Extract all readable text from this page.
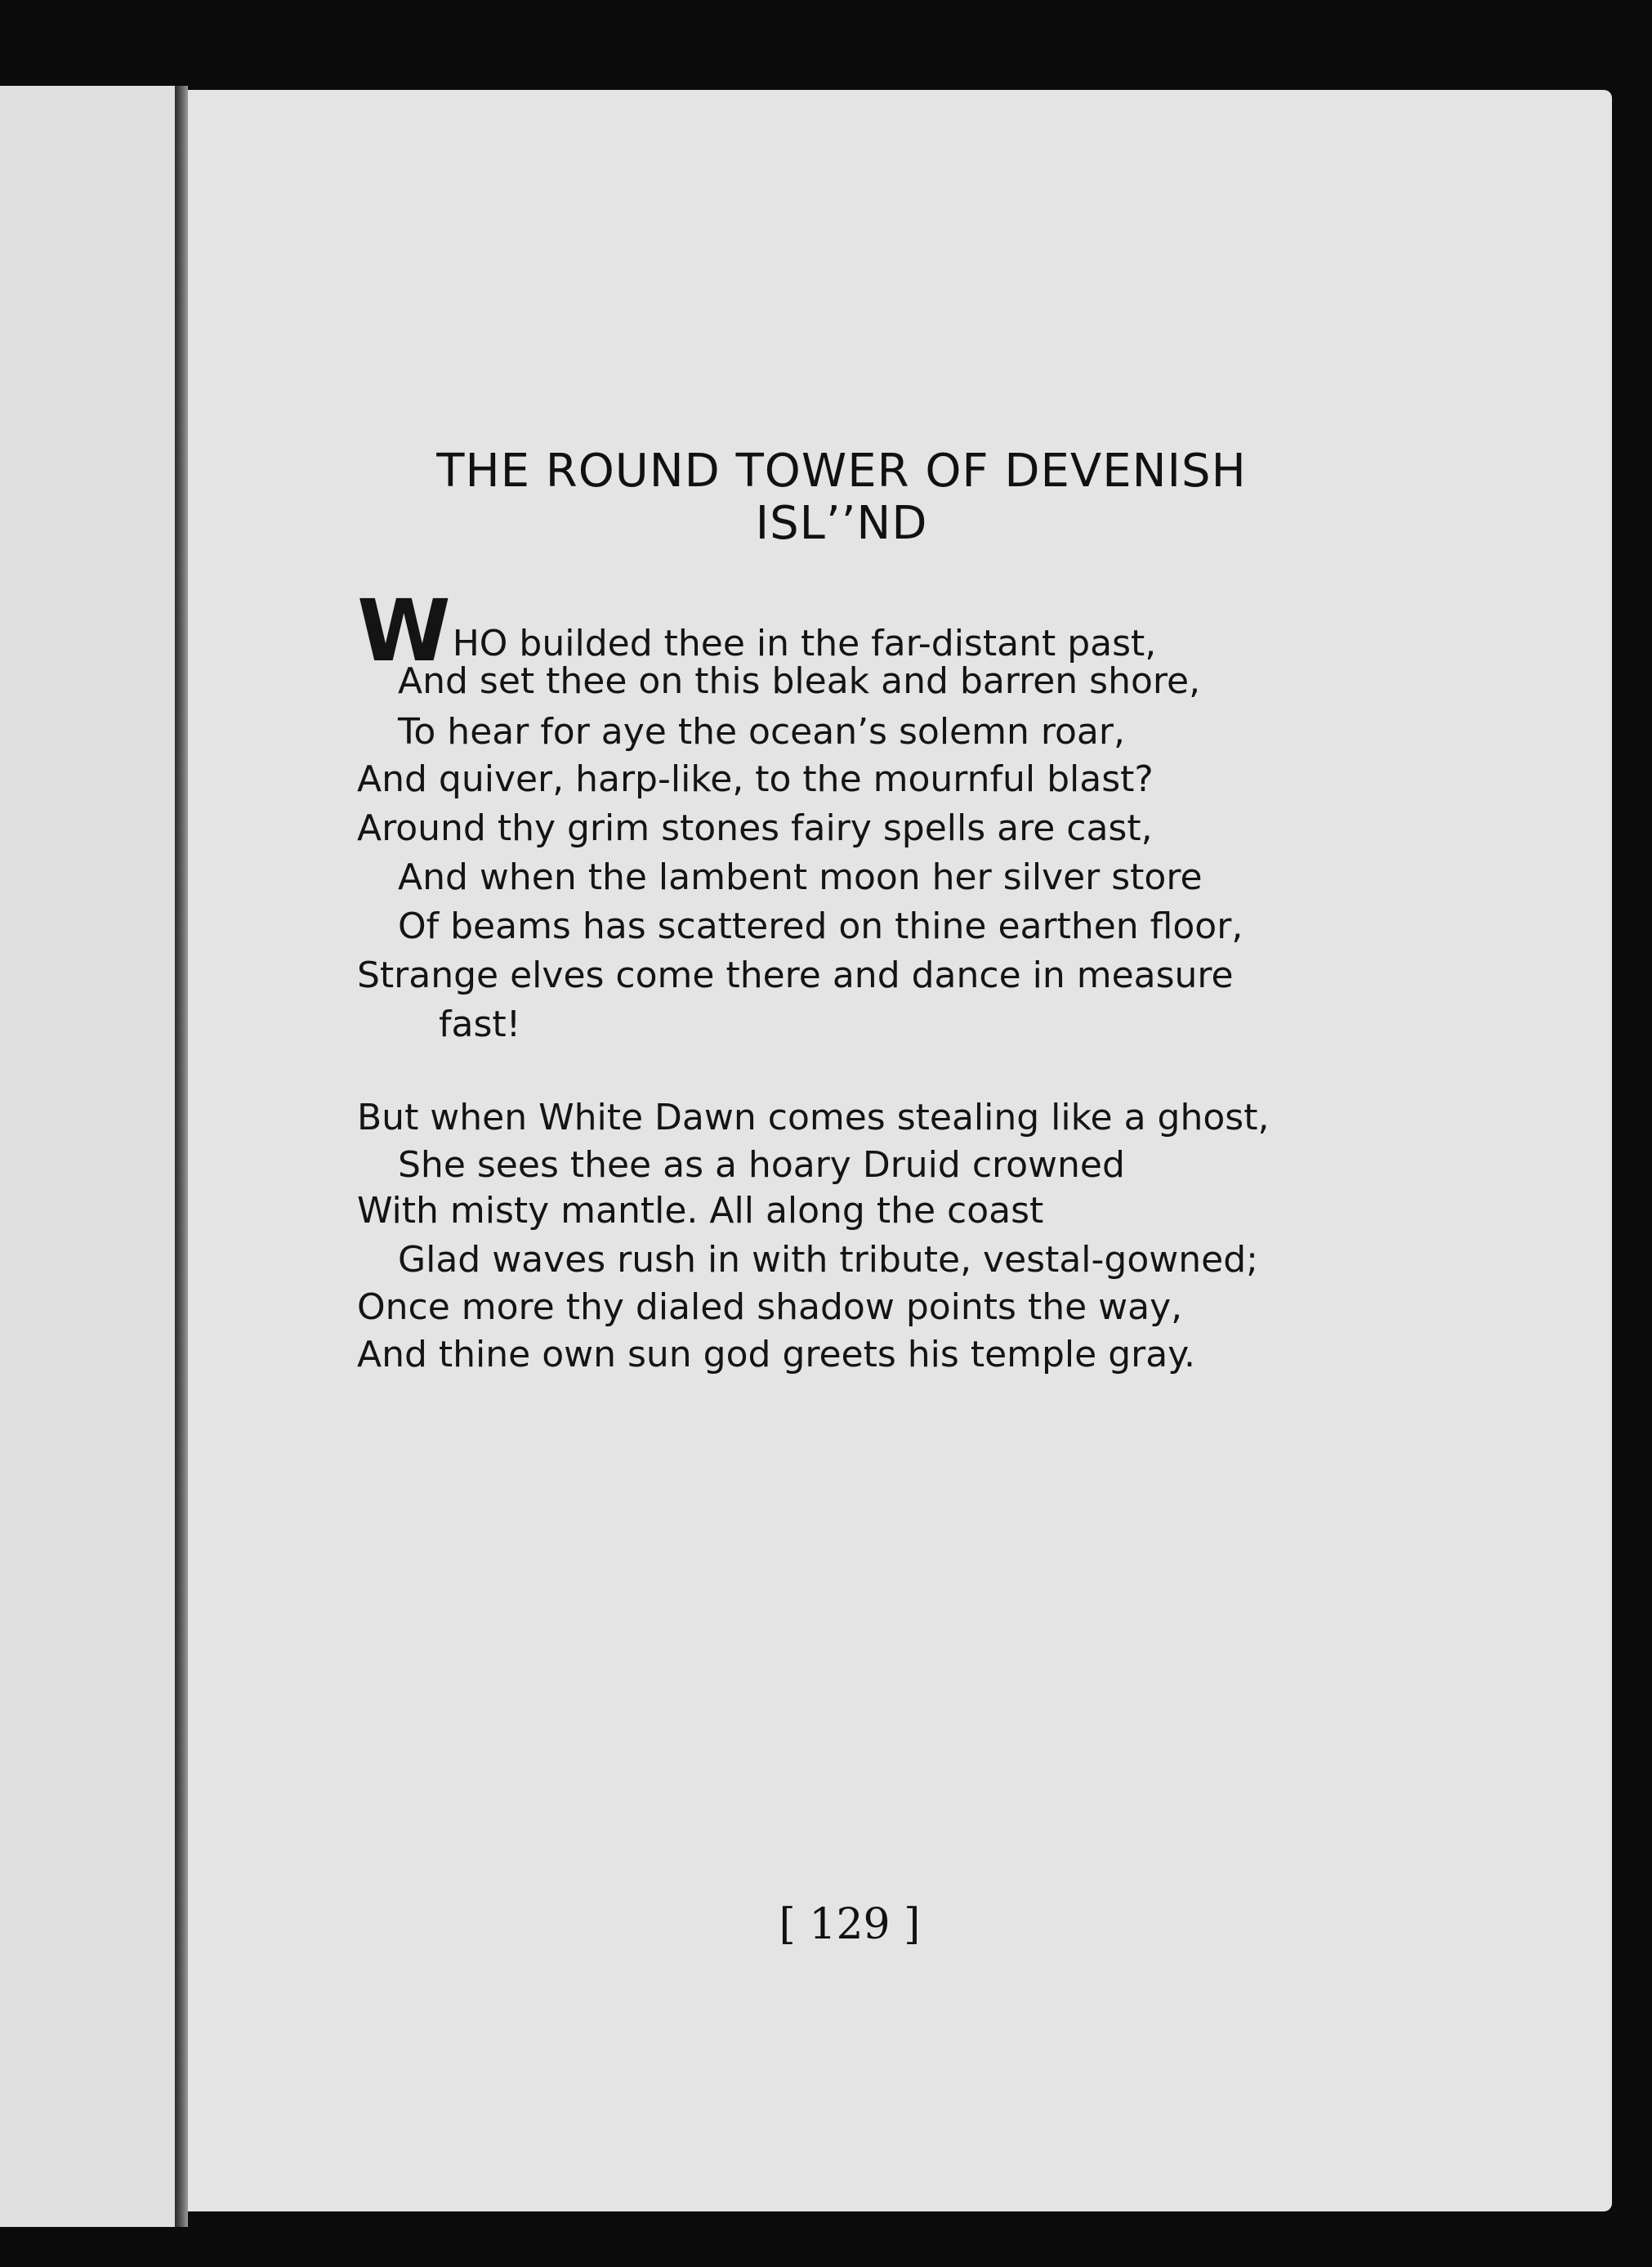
THE ROUND TOWER OF DEVENISH
ISL’’ND
WHO builded thee in the far-distant past,
And set thee on this bleak and barren shore,
To hear for aye the ocean’s solemn roar,
And quiver, harp-like, to the mournful blast?
Around thy grim stones fairy spells are cast,
And when the lambent moon her silver store
Of beams has scattered on thine earthen floor,
Strange elves come there and dance in measure
fast!
But when White Dawn comes stealing like a ghost,
She sees thee as a hoary Druid crowned
With misty mantle. All along the coast
Glad waves rush in with tribute, vestal-gowned;
Once more thy dialed shadow points the way,
And thine own sun god greets his temple gray.
[ 129 ]
